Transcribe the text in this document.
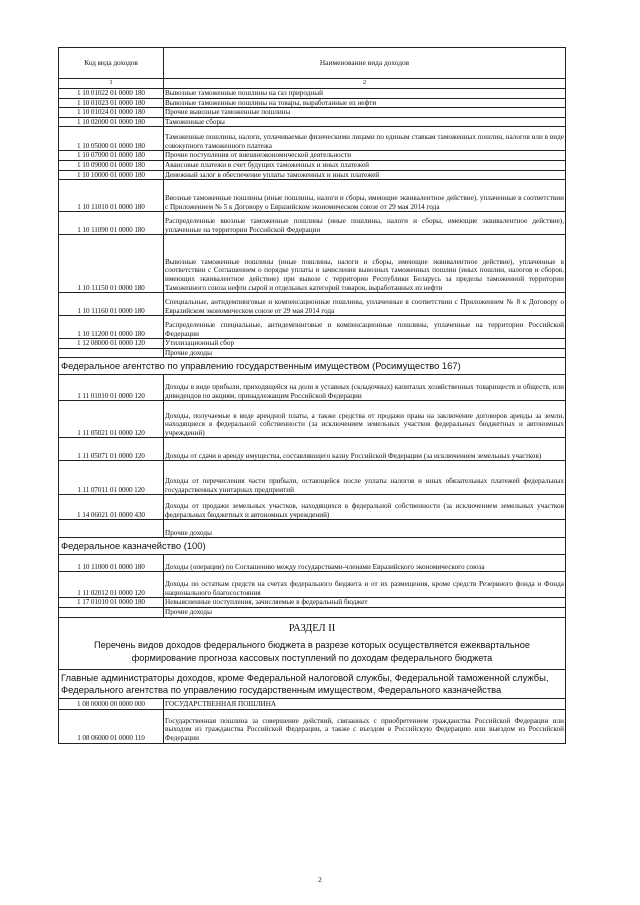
Код вида доходов	Наименование вида доходов
1	2
1 10 01022 01 0000 180	Вывозные таможенные пошлины на газ природный
1 10 01023 01 0000 180	Вывозные таможенные пошлины на товары, выработанные из нефти
1 10 01024 01 0000 180	Прочие вывозные таможенные пошлины
1 10 02000 01 0000 180	Таможенные сборы
1 10 05000 01 0000 180	Таможенные пошлины, налоги, уплачиваемые физическими лицами по единым ставкам таможенных пошлин, налогов или в виде совокупного таможенного платежа
1 10 07000 01 0000 180	Прочие поступления от внешнеэкономической деятельности
1 10 09000 01 0000 180	Авансовые платежи в счет будущих таможенных и иных платежей
1 10 10000 01 0000 180	Денежный залог в обеспечение уплаты таможенных и иных платежей
1 10 11010 01 0000 180	Ввозные таможенные пошлины (иные пошлины, налоги и сборы, имеющие эквивалентное действие), уплаченные в соответствии с Приложением № 5 к Договору о Евразийском экономическом союзе от 29 мая 2014 года
1 10 11090 01 0000 180	Распределенные ввозные таможенные пошлины (иные пошлины, налоги и сборы, имеющие эквивалентное действие), уплаченные на территории Российской Федерации
1 10 11150 01 0000 180	Вывозные таможенные пошлины (иные пошлины, налоги и сборы, имеющие эквивалентное действие), уплаченные в соответствии с Соглашением о порядке уплаты и зачисления вывозных таможенных пошлин (иных пошлин, налогов и сборов, имеющих эквивалентное действие) при вывозе с территории Республики Беларусь за пределы таможенной территории Таможенного союза нефти сырой и отдельных категорий товаров, выработанных из нефти
1 10 11160 01 0000 180	Специальные, антидемпинговые и компенсационные пошлины, уплаченные в соответствии с Приложением № 8 к Договору о Евразийском экономическом союзе от 29 мая 2014 года
1 10 11200 01 0000 180	Распределенные специальные, антидемпинговые и компенсационные пошлины, уплаченные на территории Российской Федерации
1 12 08000 01 0000 120	Утилизационный сбор
	Прочие доходы
Федеральное агентство по управлению государственным имуществом (Росимущество 167)	
1 11 01010 01 0000 120	Доходы в виде прибыли, приходящейся на доли в уставных (складочных) капиталах хозяйственных товариществ и обществ, или дивидендов по акциям, принадлежащим Российской Федерации
1 11 05021 01 0000 120	Доходы, получаемые в виде арендной платы, а также средства от продажи права на заключение договоров аренды за земли, находящиеся в федеральной собственности (за исключением земельных участков федеральных бюджетных и автономных учреждений)
1 11 05071 01 0000 120	Доходы от сдачи в аренду имущества, составляющего казну Российской Федерации (за исключением земельных участков)
1 11 07011 01 0000 120	Доходы от перечисления части прибыли, остающейся после уплаты налогов и иных обязательных платежей федеральных государственных унитарных предприятий
1 14 06021 01 0000 430	Доходы от продажи земельных участков, находящихся в федеральной собственности (за исключением земельных участков федеральных бюджетных и автономных учреждений)
	Прочие доходы
Федеральное казначейство (100)	
1 10 11000 01 0000 180	Доходы (операции) по Соглашению между государствами-членами Евразийского экономического союза
1 11 02012 01 0000 120	Доходы по остаткам средств на счетах федерального бюджета и от их размещения, кроме средств Резервного фонда и Фонда национального благосостояния
1 17 01010 01 0000 180	Невыясненные поступления, зачисляемые в федеральный бюджет
	Прочие доходы

РАЗДЕЛ II
Перечень видов доходов федерального бюджета в разрезе которых осуществляется ежеквартальное формирование прогноза кассовых поступлений по доходам федерального бюджета	

Главные администраторы доходов, кроме Федеральной налоговой службы, Федеральной таможенной службы, Федерального агентства по управлению государственным имуществом, Федерального казначейства	
1 08 00000 00 0000 000	ГОСУДАРСТВЕННАЯ ПОШЛИНА
1 08 06000 01 0000 110	Государственная пошлина за совершение действий, связанных с приобретением гражданства Российской Федерации или выходом из гражданства Российской Федерации, а также с въездом в Российскую Федерацию или выездом из Российской Федерации
2
